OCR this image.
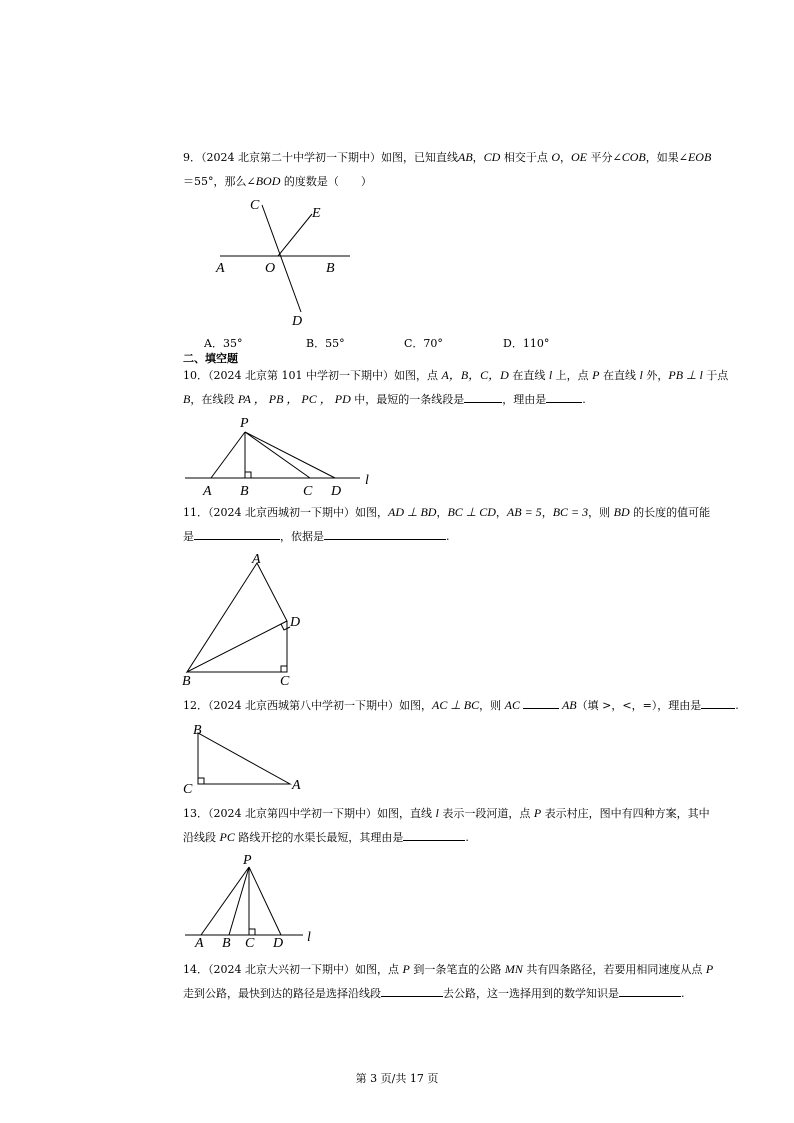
9．（2024 北京第二十中学初一下期中）如图，已知直线AB，CD 相交于点 O，OE 平分∠COB，如果∠EOB
＝55°，那么∠BOD 的度数是（　　）
C
E
A	O	B
D
A．35°	B．55°	C．70°	D．110°
二、填空题
10．（2024 北京第 101 中学初一下期中）如图，点 A，B，C，D 在直线 l 上，点 P 在直线 l 外，PB ⊥ l 于点
B，在线段 PA ， PB ， PC ， PD 中，最短的一条线段是	，理由是	.
P
A B	C D
l
11．（2024 北京西城初一下期中）如图，AD ⊥ BD，BC ⊥ CD，AB = 5，BC = 3，则 BD 的长度的值可能
是	，依据是	.
A
D
B	C
12．（2024 北京西城第八中学初一下期中）如图，AC ⊥ BC，则 AC	AB（填 >，<，=），理由是	.
B
C	A
13．（2024 北京第四中学初一下期中）如图，直线 l 表示一段河道，点 P 表示村庄，图中有四种方案，其中
沿线段 PC 路线开挖的水渠长最短，其理由是	.
P
A B C D l
14．（2024 北京大兴初一下期中）如图，点 P 到一条笔直的公路 MN 共有四条路径，若要用相同速度从点 P
走到公路，最快到达的路径是选择沿线段	去公路，这一选择用到的数学知识是	.
第 3 页/共 17 页
